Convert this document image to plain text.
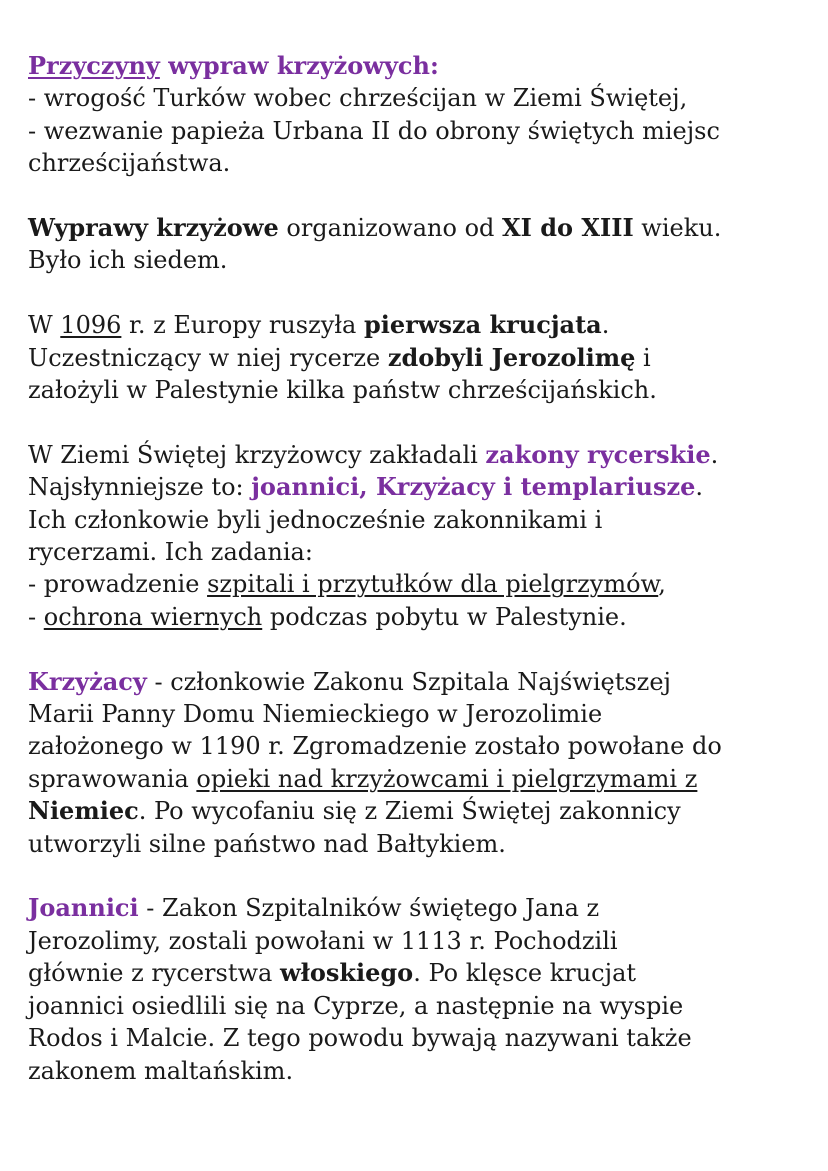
Przyczyny wypraw krzyżowych:
- wrogość Turków wobec chrześcijan w Ziemi Świętej,
- wezwanie papieża Urbana II do obrony świętych miejsc
chrześcijaństwa.
Wyprawy krzyżowe organizowano od XI do XIII wieku.
Było ich siedem.
W 1096 r. z Europy ruszyła pierwsza krucjata.
Uczestniczący w niej rycerze zdobyli Jerozolimę i
założyli w Palestynie kilka państw chrześcijańskich.
W Ziemi Świętej krzyżowcy zakładali zakony rycerskie.
Najsłynniejsze to: joannici, Krzyżacy i templariusze.
Ich członkowie byli jednocześnie zakonnikami i
rycerzami. Ich zadania:
- prowadzenie szpitali i przytułków dla pielgrzymów,
- ochrona wiernych podczas pobytu w Palestynie.
Krzyżacy - członkowie Zakonu Szpitala Najświętszej
Marii Panny Domu Niemieckiego w Jerozolimie
założonego w 1190 r. Zgromadzenie zostało powołane do
sprawowania opieki nad krzyżowcami i pielgrzymami z
Niemiec. Po wycofaniu się z Ziemi Świętej zakonnicy
utworzyli silne państwo nad Bałtykiem.
Joannici - Zakon Szpitalników świętego Jana z
Jerozolimy, zostali powołani w 1113 r. Pochodzili
głównie z rycerstwa włoskiego. Po klęsce krucjat
joannici osiedlili się na Cyprze, a następnie na wyspie
Rodos i Malcie. Z tego powodu bywają nazywani także
zakonem maltańskim.
